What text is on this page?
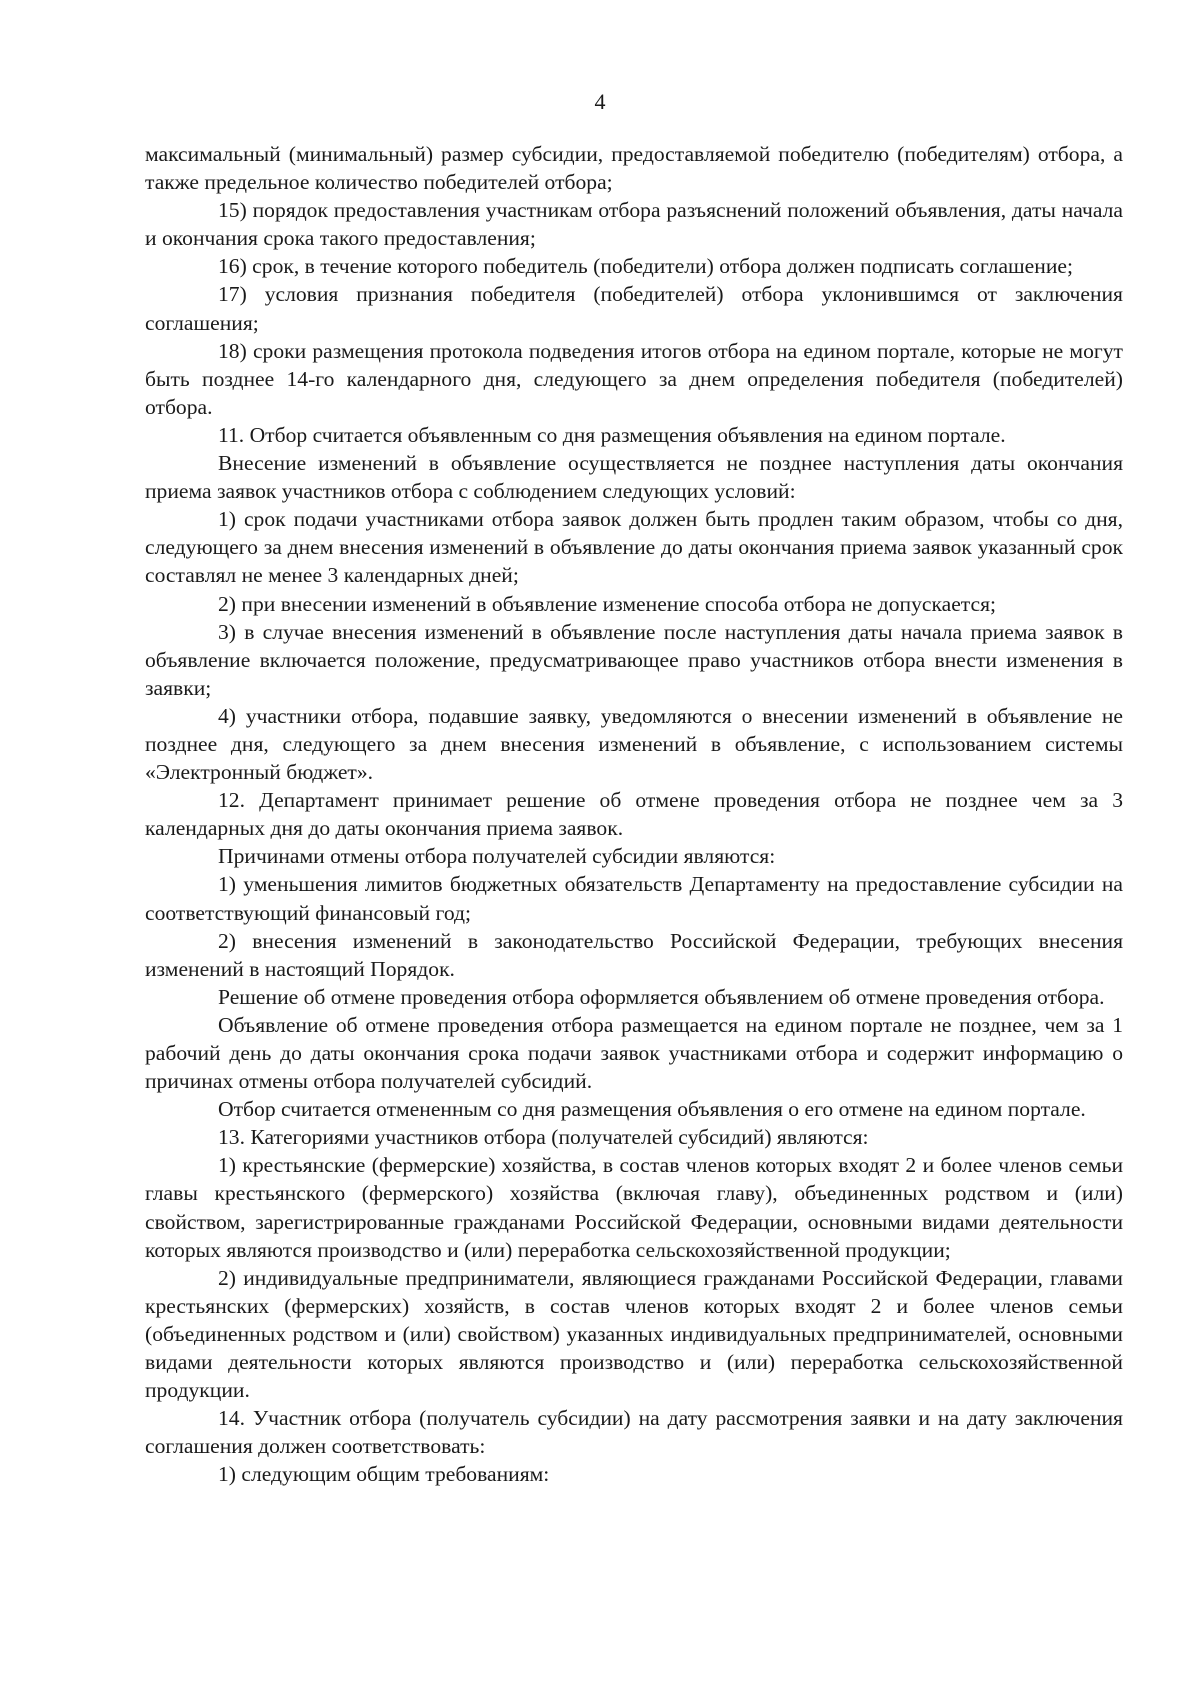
4

максимальный (минимальный) размер субсидии, предоставляемой победителю (победителям) отбора, а также предельное количество победителей отбора;

15) порядок предоставления участникам отбора разъяснений положений объявления, даты начала и окончания срока такого предоставления;

16) срок, в течение которого победитель (победители) отбора должен подписать соглашение;

17) условия признания победителя (победителей) отбора уклонившимся от заключения соглашения;

18) сроки размещения протокола подведения итогов отбора на едином портале, которые не могут быть позднее 14-го календарного дня, следующего за днем определения победителя (победителей) отбора.

11. Отбор считается объявленным со дня размещения объявления на едином портале.

Внесение изменений в объявление осуществляется не позднее наступления даты окончания приема заявок участников отбора с соблюдением следующих условий:

1) срок подачи участниками отбора заявок должен быть продлен таким образом, чтобы со дня, следующего за днем внесения изменений в объявление до даты окончания приема заявок указанный срок составлял не менее 3 календарных дней;

2) при внесении изменений в объявление изменение способа отбора не допускается;

3) в случае внесения изменений в объявление после наступления даты начала приема заявок в объявление включается положение, предусматривающее право участников отбора внести изменения в заявки;

4) участники отбора, подавшие заявку, уведомляются о внесении изменений в объявление не позднее дня, следующего за днем внесения изменений в объявление, с использованием системы «Электронный бюджет».

12. Департамент принимает решение об отмене проведения отбора не позднее чем за 3 календарных дня до даты окончания приема заявок.

Причинами отмены отбора получателей субсидии являются:

1) уменьшения лимитов бюджетных обязательств Департаменту на предоставление субсидии на соответствующий финансовый год;

2) внесения изменений в законодательство Российской Федерации, требующих внесения изменений в настоящий Порядок.

Решение об отмене проведения отбора оформляется объявлением об отмене проведения отбора.

Объявление об отмене проведения отбора размещается на едином портале не позднее, чем за 1 рабочий день до даты окончания срока подачи заявок участниками отбора и содержит информацию о причинах отмены отбора получателей субсидий.

Отбор считается отмененным со дня размещения объявления о его отмене на едином портале.

13. Категориями участников отбора (получателей субсидий) являются:

1) крестьянские (фермерские) хозяйства, в состав членов которых входят 2 и более членов семьи главы крестьянского (фермерского) хозяйства (включая главу), объединенных родством и (или) свойством, зарегистрированные гражданами Российской Федерации, основными видами деятельности которых являются производство и (или) переработка сельскохозяйственной продукции;

2) индивидуальные предприниматели, являющиеся гражданами Российской Федерации, главами крестьянских (фермерских) хозяйств, в состав членов которых входят 2 и более членов семьи (объединенных родством и (или) свойством) указанных индивидуальных предпринимателей, основными видами деятельности которых являются производство и (или) переработка сельскохозяйственной продукции.

14. Участник отбора (получатель субсидии) на дату рассмотрения заявки и на дату заключения соглашения должен соответствовать:

1) следующим общим требованиям:
